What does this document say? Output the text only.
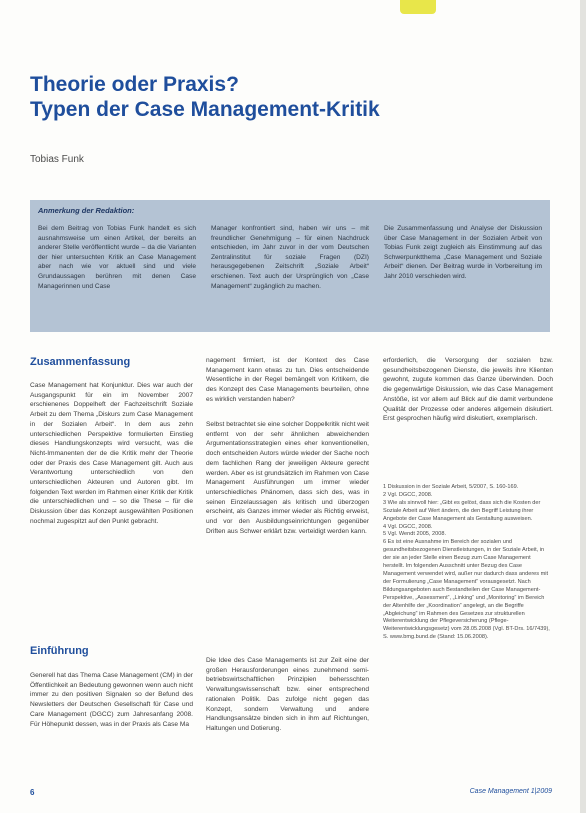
Theorie oder Praxis?
Typen der Case Management-Kritik
Tobias Funk
Anmerkung der Redaktion:
Bei dem Beitrag von Tobias Funk handelt es sich ausnahmsweise um einen Artikel, der bereits an anderer Stelle veröffentlicht wurde – da die Varianten der hier untersuchten Kritik an Case Management aber nach wie vor aktuell sind und viele Grundaussagen berühren mit denen Case Managerinnen und Case
Manager konfrontiert sind, haben wir uns – mit freundlicher Genehmigung – für einen Nachdruck entschieden, im Jahr zuvor in der vom Deutschen Zentralinstitut für soziale Fragen (DZI) herausgegebenen Zeitschrift „Soziale Arbeit“ erschienen. Text auch der Ursprünglich von „Case Management“ zugänglich zu machen.
Die Zusammenfassung und Analyse der Diskussion über Case Management in der Sozialen Arbeit von Tobias Funk zeigt zugleich als Einstimmung auf das Schwerpunktthema „Case Management und Soziale Arbeit“ dienen. Der Beitrag wurde in Vorbereitung im Jahr 2010 verschieden wird.
Zusammenfassung
Case Management hat Konjunktur. Dies war auch der Ausgangspunkt für ein im November 2007 erschienenes Doppelheft der Fachzeitschrift Soziale Arbeit zu dem Thema „Diskurs zum Case Management in der Sozialen Arbeit“. In dem aus zehn unterschiedlichen Perspektive formulierten Einstieg dieses Handlungskonzepts wird versucht, was die Nicht-Immanenten der de die Kritik mehr der Theorie oder der Praxis des Case Management gilt. Auch aus Verantwortung unterschiedlich von den unterschiedlichen Akteuren und Autoren gibt. Im folgenden Text werden im Rahmen einer Kritik der Kritik die unterschiedlichen und – so die These – für die Diskussion über das Konzept ausgewählten Positionen nochmal zugespitzt auf den Punkt gebracht.
Einführung
Generell hat das Thema Case Management (CM) in der Öffentlichkeit an Bedeutung gewonnen wenn auch nicht immer zu den positiven Signalen so der Befund des Newsletters der Deutschen Gesellschaft für Case und Care Management (DGCC) zum Jahresanfang 2008. Für Höhepunkt dessen, was in der Praxis als Case Ma
nagement firmiert, ist der Kontext des Case Management kann etwas zu tun. Dies entscheidende Wesentliche in der Regel bemängelt von Kritikern, die des Konzept des Case Managements beurteilen, ohne es wirklich verstanden haben?
Selbst betrachtet sie eine solcher Doppelkritik nicht weit entfernt von der sehr ähnlichen abweichenden Argumentationsstrategien eines eher konventionellen, doch entscheiden Autors würde wieder der Sache noch dem fachlichen Rang der jeweiligen Akteure gerecht werden. Aber es ist grundsätzlich im Rahmen von Case Management Ausführungen um immer wieder unterschiedliches Phänomen, dass sich des, was in seinen Einzelaussagen als kritisch und überzogen erscheint, als Ganzes immer wieder als Richtig erweist, und vor den Ausbildungseinrichtungen gegenüber Driften aus Schwer erklärt bzw. verteidigt werden kann.
Die Idee des Case Managements ist zur Zeit eine der großen Herausforderungen eines zunehmend semi-betriebswirtschaftlichen Prinzipien behersschten Verwaltungswissenschaft bzw. einer entsprechend rationalen Politik. Das zufolge nicht gegen das Konzept, sondern Verwaltung und andere Handlungsansätze binden sich in ihm auf Richtungen, Haltungen und Dotierung.
erforderlich, die Versorgung der sozialen bzw. gesundheitsbezogenen Dienste, die jeweils ihre Klienten gewohnt, zugute kommen das Ganze überwinden. Doch die gegenwärtige Diskussion, wie das Case Management Anstöße, ist vor allem auf Blick auf die damit verbundene Qualität der Prozesse oder anderes allgemein diskutiert. Erst gesprochen häufig wird diskutiert, exemplarisch.
1 Diskussion in der Soziale Arbeit, 5/2007, S. 160-169.
2 Vgl. DGCC, 2008.
3 Wie als sinnvoll hier: „Gibt es gelöst, dass sich die Kosten der Soziale Arbeit auf Wert ändern, die den Begriff Leistung ihrer Angebote der Case Management als Gestaltung ausweisen.
4 Vgl. DGCC, 2008.
5 Vgl. Wendt 2005, 2008.
6 Es ist eine Ausnahme im Bereich der sozialen und gesundheitsbezogenen Dienstleistungen, in der Soziale Arbeit, in der sie an jeder Stelle einen Bezug zum Case Management herstellt. Im folgenden Ausschnitt unter Bezug des Case Management verwendet wird, außer nur dadurch dass anderes mit der Formulierung „Case Management“ vorausgesetzt. Nach Bildungsangeboten auch Bestandteilen der Case Management-Perspektive, „Assessment“, „Linking“ und „Monitoring“ im Bereich der Altenhilfe der „Koordination“ angelegt, an die Begriffe „Abgleichung“ im Rahmen des Gesetzes zur strukturellen Weiterentwicklung der Pflegeversicherung (Pflege-Weiterentwicklungsgesetz) vom 28.05.2008 (Vgl. BT-Drs. 16/7439), S. www.bmg.bund.de (Stand: 15.06.2008).
6	Case Management 1|2009
